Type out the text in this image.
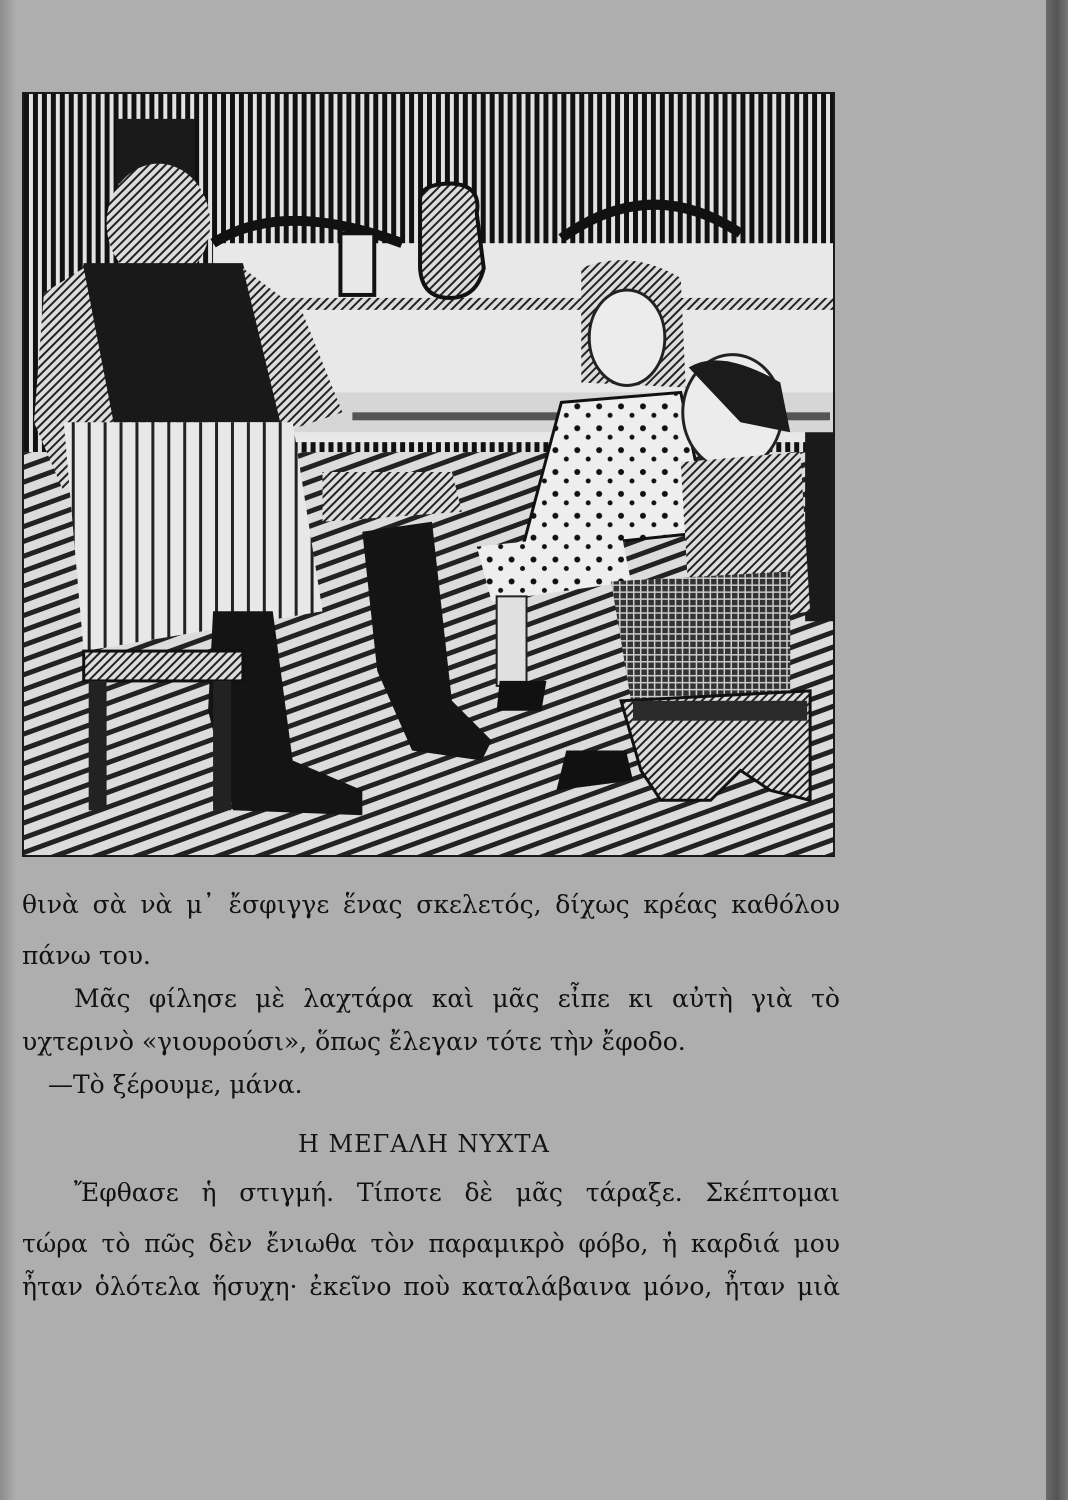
θινὰ σὰ νὰ μ᾽ ἔσφιγγε ἕνας σκελετός, δίχως κρέας καθόλου
πάνω του.
Μᾶς φίλησε μὲ λαχτάρα καὶ μᾶς εἶπε κι αὐτὴ γιὰ τὸ
υχτερινὸ «γιουρούσι», ὅπως ἔλεγαν τότε τὴν ἔφοδο.
—Τὸ ξέρουμε, μάνα.
Η ΜΕΓΑΛΗ ΝΥΧΤΑ
Ἔφθασε ἡ στιγμή. Τίποτε δὲ μᾶς τάραξε. Σκέπτομαι
τώρα τὸ πῶς δὲν ἔνιωθα τὸν παραμικρὸ φόβο, ἡ καρδιά μου
ἦταν ὁλότελα ἥσυχη· ἐκεῖνο ποὺ καταλάβαινα μόνο, ἦταν μιὰ
